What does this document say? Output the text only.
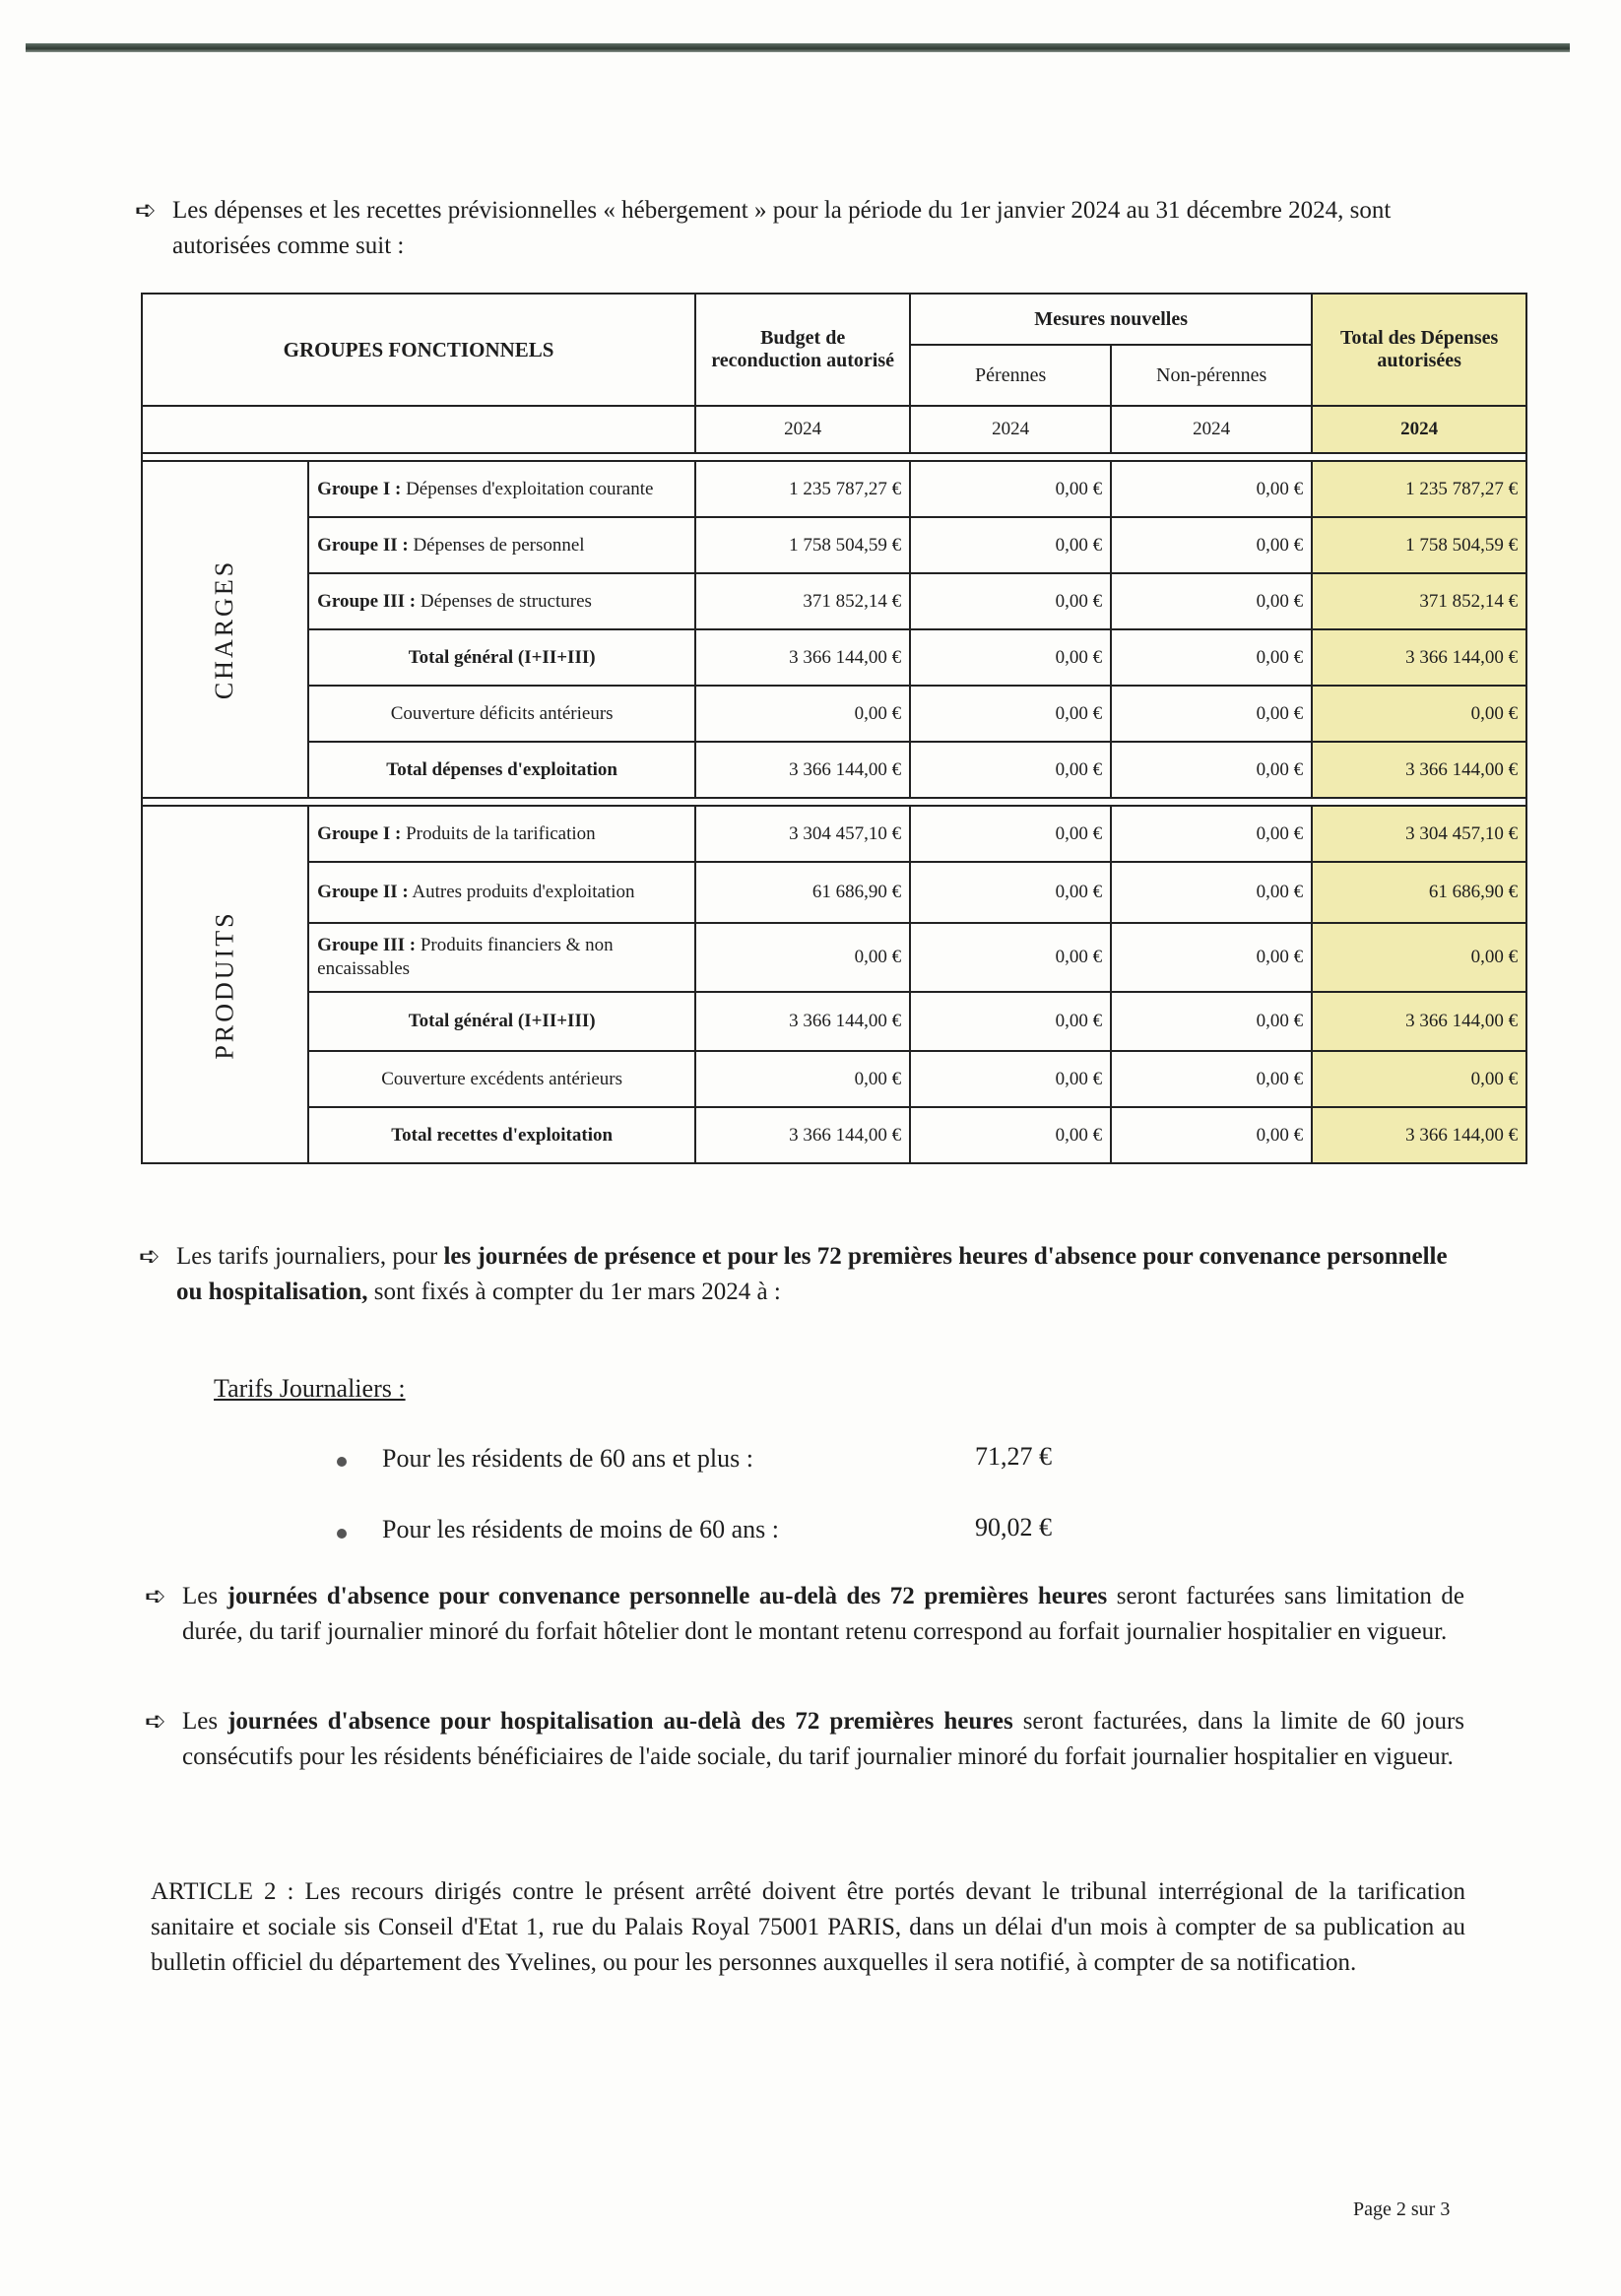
➪ Les dépenses et les recettes prévisionnelles « hébergement » pour la période du 1er janvier 2024 au 31 décembre 2024, sont autorisées comme suit :
GROUPES FONCTIONNELS		Budget de reconduction autorisé	Mesures nouvelles		Total des Dépenses autorisées
			Pérennes	Non-pérennes	
		2024	2024	2024	2024

CHARGES	Groupe I : Dépenses d'exploitation courante	1 235 787,27 €	0,00 €	0,00 €	1 235 787,27 €
	Groupe II : Dépenses de personnel	1 758 504,59 €	0,00 €	0,00 €	1 758 504,59 €
	Groupe III : Dépenses de structures	371 852,14 €	0,00 €	0,00 €	371 852,14 €
	Total général (I+II+III)	3 366 144,00 €	0,00 €	0,00 €	3 366 144,00 €
	Couverture déficits antérieurs	0,00 €	0,00 €	0,00 €	0,00 €
	Total dépenses d'exploitation	3 366 144,00 €	0,00 €	0,00 €	3 366 144,00 €

PRODUITS	Groupe I : Produits de la tarification	3 304 457,10 €	0,00 €	0,00 €	3 304 457,10 €
	Groupe II : Autres produits d'exploitation	61 686,90 €	0,00 €	0,00 €	61 686,90 €
	Groupe III : Produits financiers & non encaissables	0,00 €	0,00 €	0,00 €	0,00 €
	Total général (I+II+III)	3 366 144,00 €	0,00 €	0,00 €	3 366 144,00 €
	Couverture excédents antérieurs	0,00 €	0,00 €	0,00 €	0,00 €
	Total recettes d'exploitation	3 366 144,00 €	0,00 €	0,00 €	3 366 144,00 €
➪ Les tarifs journaliers, pour les journées de présence et pour les 72 premières heures d'absence pour convenance personnelle ou hospitalisation, sont fixés à compter du 1er mars 2024 à :
Tarifs Journaliers :
Pour les résidents de 60 ans et plus :	71,27 €
Pour les résidents de moins de 60 ans :	90,02 €
➪ Les journées d'absence pour convenance personnelle au-delà des 72 premières heures seront facturées sans limitation de durée, du tarif journalier minoré du forfait hôtelier dont le montant retenu correspond au forfait journalier hospitalier en vigueur.
➪ Les journées d'absence pour hospitalisation au-delà des 72 premières heures seront facturées, dans la limite de 60 jours consécutifs pour les résidents bénéficiaires de l'aide sociale, du tarif journalier minoré du forfait journalier hospitalier en vigueur.
ARTICLE 2 : Les recours dirigés contre le présent arrêté doivent être portés devant le tribunal interrégional de la tarification sanitaire et sociale sis Conseil d'Etat 1, rue du Palais Royal 75001 PARIS, dans un délai d'un mois à compter de sa publication au bulletin officiel du département des Yvelines, ou pour les personnes auxquelles il sera notifié, à compter de sa notification.
Page 2 sur 3
